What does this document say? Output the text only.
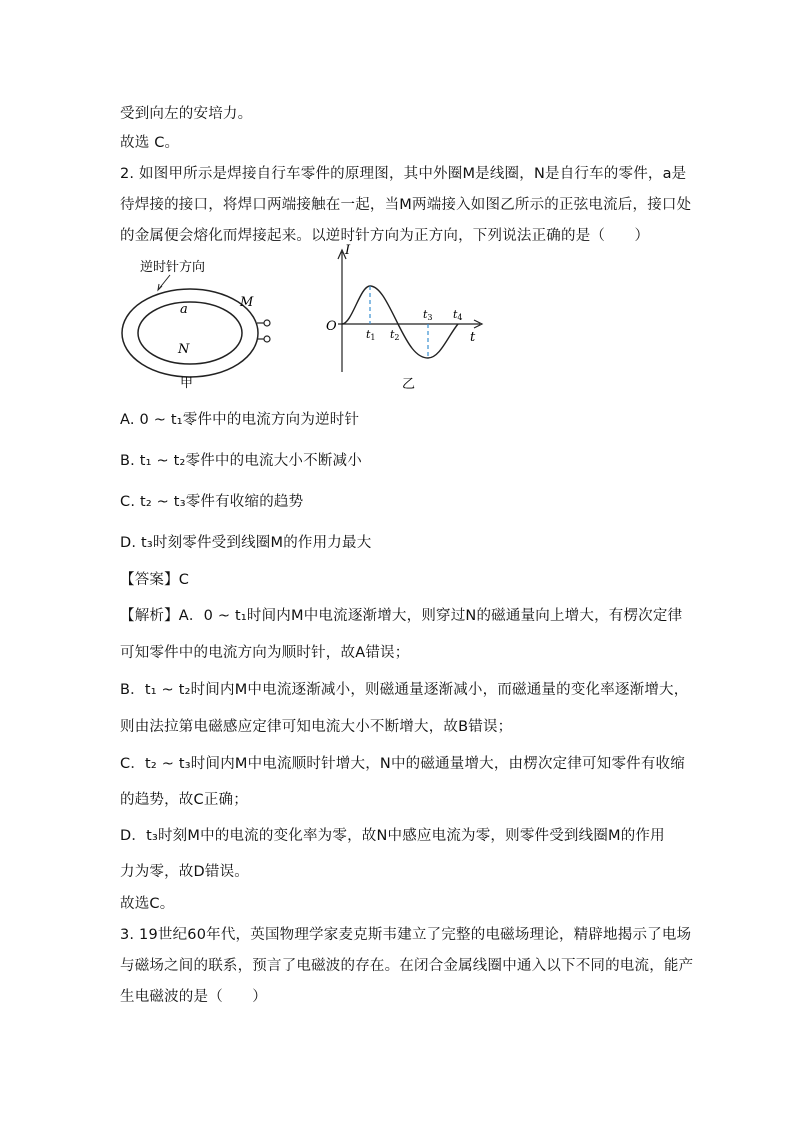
受到向左的安培力。
故选 C。
2. 如图甲所示是焊接自行车零件的原理图，其中外圈M是线圈，N是自行车的零件，a是
待焊接的接口，将焊口两端接触在一起，当M两端接入如图乙所示的正弦电流后，接口处
的金属便会熔化而焊接起来。以逆时针方向为正方向，下列说法正确的是（　　）
逆时针方向
M
a
N
甲
I
t
O
t1 t2
t3 t4
乙
A. 0 ~ t₁零件中的电流方向为逆时针
B. t₁ ~ t₂零件中的电流大小不断减小
C. t₂ ~ t₃零件有收缩的趋势
D. t₃时刻零件受到线圈M的作用力最大
【答案】C
【解析】A．0 ~ t₁时间内M中电流逐渐增大，则穿过N的磁通量向上增大，有楞次定律
可知零件中的电流方向为顺时针，故A错误；
B．t₁ ~ t₂时间内M中电流逐渐减小，则磁通量逐渐减小，而磁通量的变化率逐渐增大，
则由法拉第电磁感应定律可知电流大小不断增大，故B错误；
C．t₂ ~ t₃时间内M中电流顺时针增大，N中的磁通量增大，由楞次定律可知零件有收缩
的趋势，故C正确；
D．t₃时刻M中的电流的变化率为零，故N中感应电流为零，则零件受到线圈M的作用
力为零，故D错误。
故选C。
3. 19世纪60年代，英国物理学家麦克斯韦建立了完整的电磁场理论，精辟地揭示了电场
与磁场之间的联系，预言了电磁波的存在。在闭合金属线圈中通入以下不同的电流，能产
生电磁波的是（　　）
